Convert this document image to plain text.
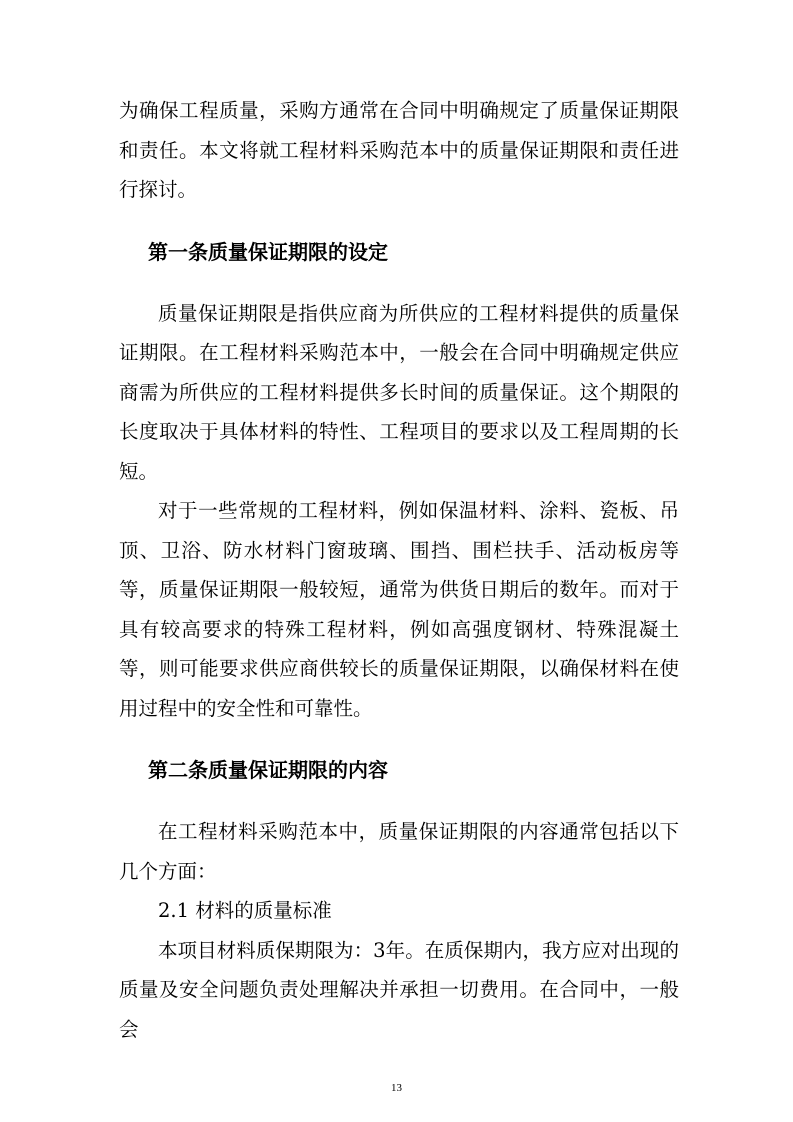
为确保工程质量，采购方通常在合同中明确规定了质量保证期限和责任。本文将就工程材料采购范本中的质量保证期限和责任进行探讨。

第一条质量保证期限的设定

质量保证期限是指供应商为所供应的工程材料提供的质量保证期限。在工程材料采购范本中，一般会在合同中明确规定供应商需为所供应的工程材料提供多长时间的质量保证。这个期限的长度取决于具体材料的特性、工程项目的要求以及工程周期的长短。

对于一些常规的工程材料，例如保温材料、涂料、瓷板、吊顶、卫浴、防水材料门窗玻璃、围挡、围栏扶手、活动板房等等，质量保证期限一般较短，通常为供货日期后的数年。而对于具有较高要求的特殊工程材料，例如高强度钢材、特殊混凝土等，则可能要求供应商供较长的质量保证期限，以确保材料在使用过程中的安全性和可靠性。

第二条质量保证期限的内容

在工程材料采购范本中，质量保证期限的内容通常包括以下几个方面：

2.1 材料的质量标准

本项目材料质保期限为：3年。在质保期内，我方应对出现的质量及安全问题负责处理解决并承担一切费用。在合同中，一般会

13
